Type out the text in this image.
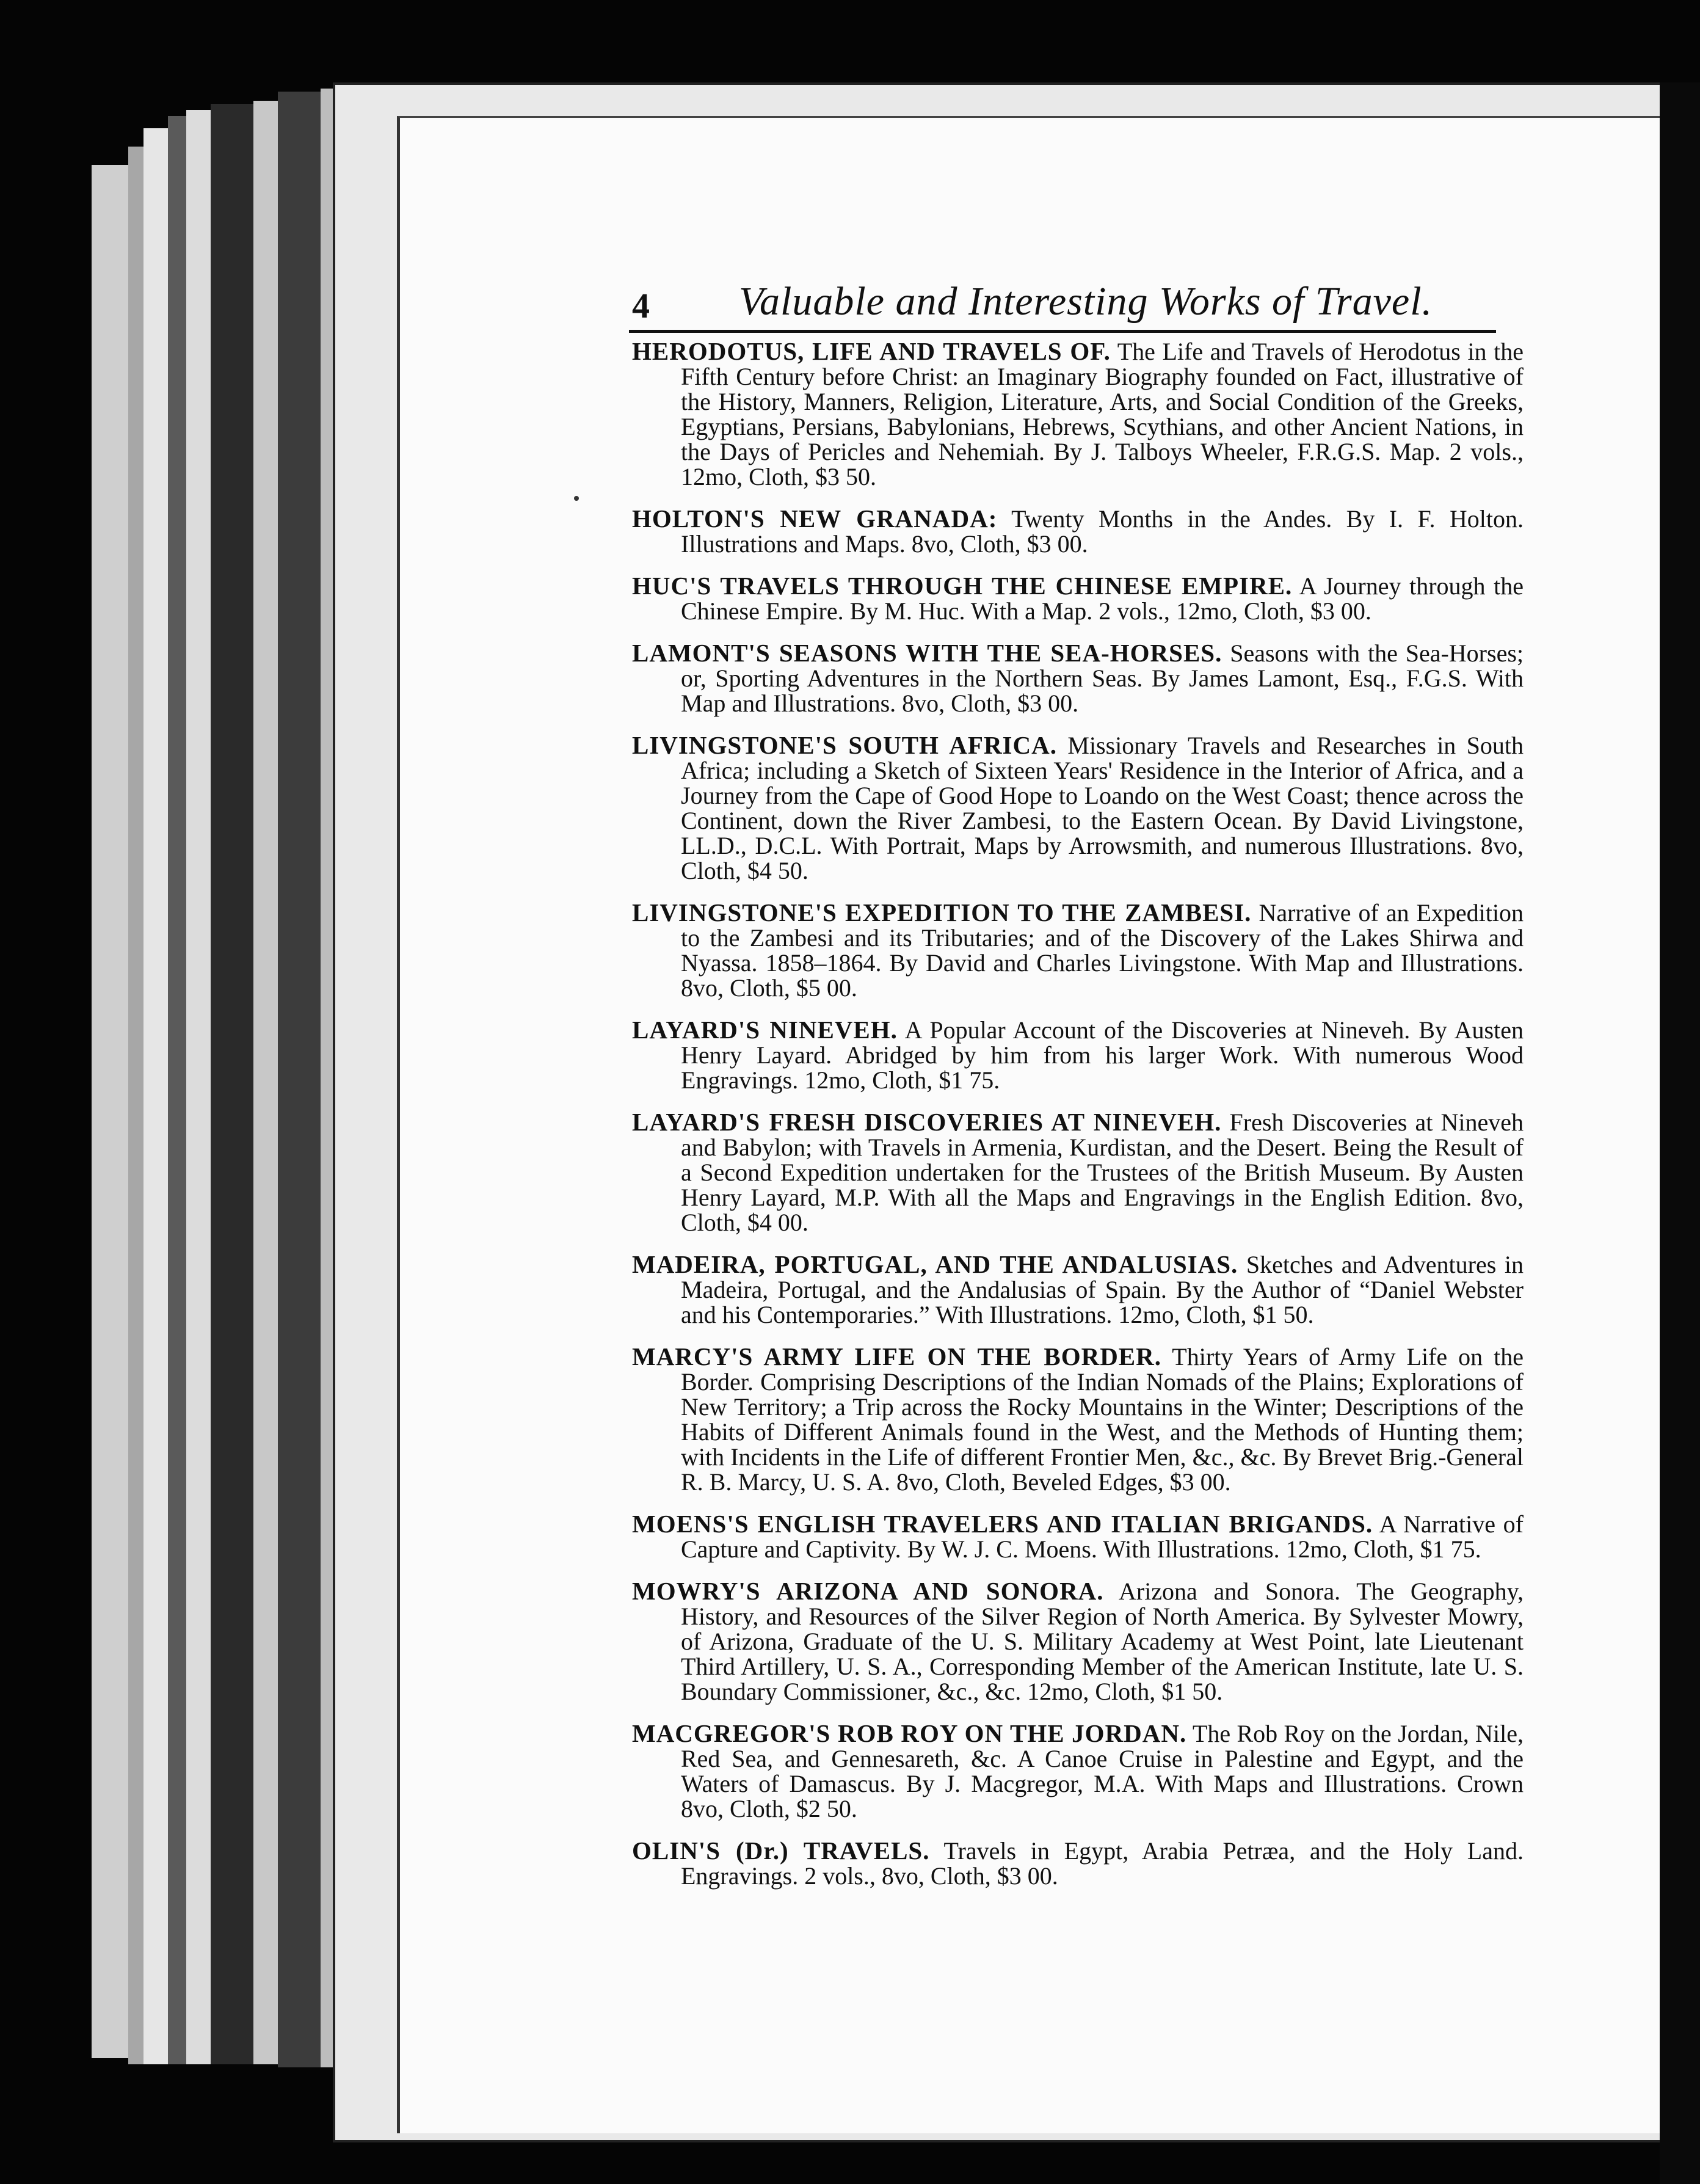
4 Valuable and Interesting Works of Travel.

HERODOTUS, LIFE AND TRAVELS OF. The Life and Travels of Herodotus in the Fifth Century before Christ: an Imaginary Biography founded on Fact, illustrative of the History, Manners, Religion, Literature, Arts, and Social Condition of the Greeks, Egyptians, Persians, Babylonians, Hebrews, Scythians, and other Ancient Nations, in the Days of Pericles and Nehemiah. By J. Talboys Wheeler, F.R.G.S. Map. 2 vols., 12mo, Cloth, $3 50.

HOLTON'S NEW GRANADA: Twenty Months in the Andes. By I. F. Holton. Illustrations and Maps. 8vo, Cloth, $3 00.

HUC'S TRAVELS THROUGH THE CHINESE EMPIRE. A Journey through the Chinese Empire. By M. Huc. With a Map. 2 vols., 12mo, Cloth, $3 00.

LAMONT'S SEASONS WITH THE SEA-HORSES. Seasons with the Sea-Horses; or, Sporting Adventures in the Northern Seas. By James Lamont, Esq., F.G.S. With Map and Illustrations. 8vo, Cloth, $3 00.

LIVINGSTONE'S SOUTH AFRICA. Missionary Travels and Researches in South Africa; including a Sketch of Sixteen Years' Residence in the Interior of Africa, and a Journey from the Cape of Good Hope to Loando on the West Coast; thence across the Continent, down the River Zambesi, to the Eastern Ocean. By David Livingstone, LL.D., D.C.L. With Portrait, Maps by Arrowsmith, and numerous Illustrations. 8vo, Cloth, $4 50.

LIVINGSTONE'S EXPEDITION TO THE ZAMBESI. Narrative of an Expedition to the Zambesi and its Tributaries; and of the Discovery of the Lakes Shirwa and Nyassa. 1858–1864. By David and Charles Livingstone. With Map and Illustrations. 8vo, Cloth, $5 00.

LAYARD'S NINEVEH. A Popular Account of the Discoveries at Nineveh. By Austen Henry Layard. Abridged by him from his larger Work. With numerous Wood Engravings. 12mo, Cloth, $1 75.

LAYARD'S FRESH DISCOVERIES AT NINEVEH. Fresh Discoveries at Nineveh and Babylon; with Travels in Armenia, Kurdistan, and the Desert. Being the Result of a Second Expedition undertaken for the Trustees of the British Museum. By Austen Henry Layard, M.P. With all the Maps and Engravings in the English Edition. 8vo, Cloth, $4 00.

MADEIRA, PORTUGAL, AND THE ANDALUSIAS. Sketches and Adventures in Madeira, Portugal, and the Andalusias of Spain. By the Author of “Daniel Webster and his Contemporaries.” With Illustrations. 12mo, Cloth, $1 50.

MARCY'S ARMY LIFE ON THE BORDER. Thirty Years of Army Life on the Border. Comprising Descriptions of the Indian Nomads of the Plains; Explorations of New Territory; a Trip across the Rocky Mountains in the Winter; Descriptions of the Habits of Different Animals found in the West, and the Methods of Hunting them; with Incidents in the Life of different Frontier Men, &c., &c. By Brevet Brig.-General R. B. Marcy, U. S. A. 8vo, Cloth, Beveled Edges, $3 00.

MOENS'S ENGLISH TRAVELERS AND ITALIAN BRIGANDS. A Narrative of Capture and Captivity. By W. J. C. Moens. With Illustrations. 12mo, Cloth, $1 75.

MOWRY'S ARIZONA AND SONORA. Arizona and Sonora. The Geography, History, and Resources of the Silver Region of North America. By Sylvester Mowry, of Arizona, Graduate of the U. S. Military Academy at West Point, late Lieutenant Third Artillery, U. S. A., Corresponding Member of the American Institute, late U. S. Boundary Commissioner, &c., &c. 12mo, Cloth, $1 50.

MACGREGOR'S ROB ROY ON THE JORDAN. The Rob Roy on the Jordan, Nile, Red Sea, and Gennesareth, &c. A Canoe Cruise in Palestine and Egypt, and the Waters of Damascus. By J. Macgregor, M.A. With Maps and Illustrations. Crown 8vo, Cloth, $2 50.

OLIN'S (Dr.) TRAVELS. Travels in Egypt, Arabia Petræa, and the Holy Land. Engravings. 2 vols., 8vo, Cloth, $3 00.
